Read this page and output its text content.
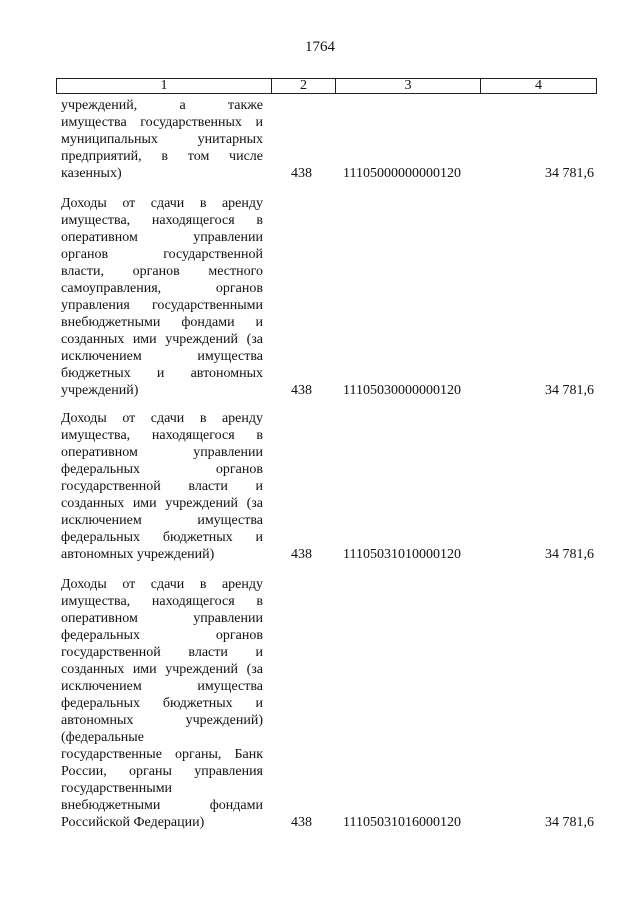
1764
1	2	3	4
учреждений, а также
имущества государственных и
муниципальных унитарных
предприятий, в том числе
казенных)	438 11105000000000120	34 781,6
Доходы от сдачи в аренду
имущества, находящегося в
оперативном управлении
органов государственной
власти, органов местного
самоуправления, органов
управления государственными
внебюджетными фондами и
созданных ими учреждений (за
исключением имущества
бюджетных и автономных
учреждений)	438 11105030000000120	34 781,6
Доходы от сдачи в аренду
имущества, находящегося в
оперативном управлении
федеральных органов
государственной власти и
созданных ими учреждений (за
исключением имущества
федеральных бюджетных и
автономных учреждений)	438 11105031010000120	34 781,6
Доходы от сдачи в аренду
имущества, находящегося в
оперативном управлении
федеральных органов
государственной власти и
созданных ими учреждений (за
исключением имущества
федеральных бюджетных и
автономных учреждений)
(федеральные
государственные органы, Банк
России, органы управления
государственными
внебюджетными фондами
Российской Федерации)	438 11105031016000120	34 781,6
